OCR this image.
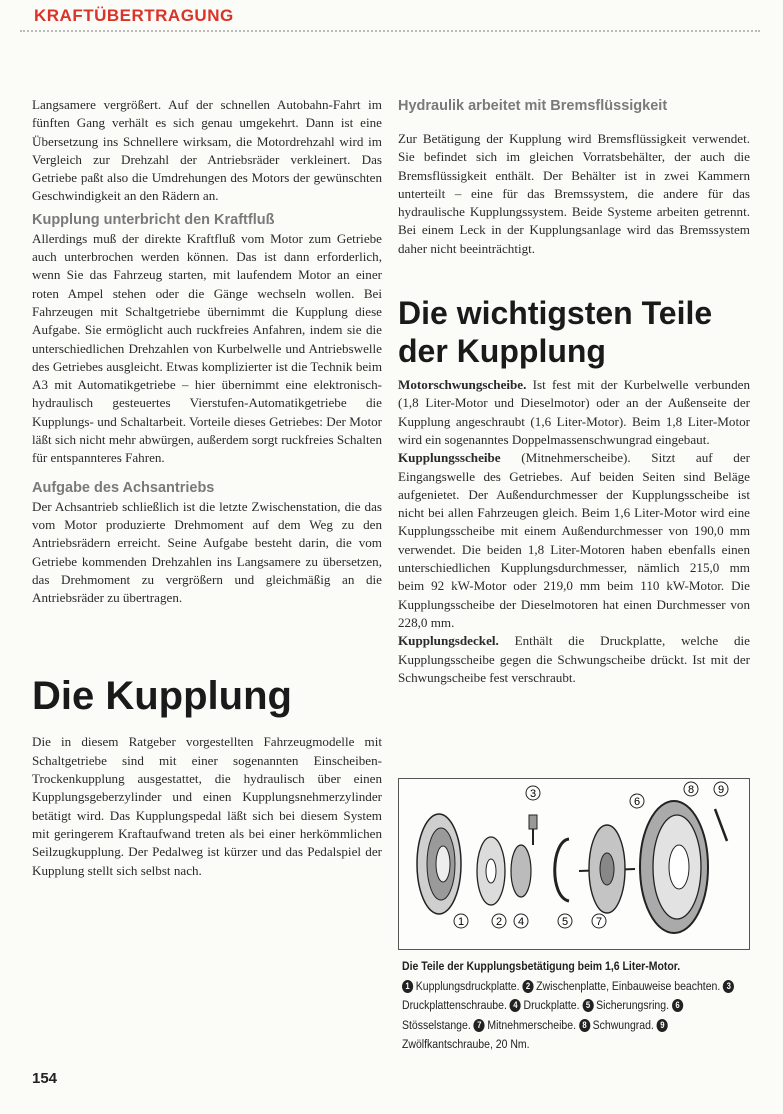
KRAFTÜBERTRAGUNG

Langsamere vergrößert. Auf der schnellen Autobahn-Fahrt im fünften Gang verhält es sich genau umgekehrt. Dann ist eine Übersetzung ins Schnellere wirksam, die Motordrehzahl wird im Vergleich zur Drehzahl der Antriebsräder verkleinert. Das Getriebe paßt also die Umdrehungen des Motors der gewünschten Geschwindigkeit an den Rädern an.

Kupplung unterbricht den Kraftfluß

Allerdings muß der direkte Kraftfluß vom Motor zum Getriebe auch unterbrochen werden können. Das ist dann erforderlich, wenn Sie das Fahrzeug starten, mit laufendem Motor an einer roten Ampel stehen oder die Gänge wechseln wollen. Bei Fahrzeugen mit Schaltgetriebe übernimmt die Kupplung diese Aufgabe. Sie ermöglicht auch ruckfreies Anfahren, indem sie die unterschiedlichen Drehzahlen von Kurbelwelle und Antriebswelle des Getriebes ausgleicht. Etwas komplizierter ist die Technik beim A3 mit Automatikgetriebe – hier übernimmt eine elektronisch-hydraulisch gesteuertes Vierstufen-Automatikgetriebe die Kupplungs- und Schaltarbeit. Vorteile dieses Getriebes: Der Motor läßt sich nicht mehr abwürgen, außerdem sorgt ruckfreies Schalten für entspannteres Fahren.

Aufgabe des Achsantriebs

Der Achsantrieb schließlich ist die letzte Zwischenstation, die das vom Motor produzierte Drehmoment auf dem Weg zu den Antriebsrädern erreicht. Seine Aufgabe besteht darin, die vom Getriebe kommenden Drehzahlen ins Langsamere zu übersetzen, das Drehmoment zu vergrößern und gleichmäßig an die Antriebsräder zu übertragen.

Die Kupplung

Die in diesem Ratgeber vorgestellten Fahrzeugmodelle mit Schaltgetriebe sind mit einer sogenannten Einscheiben-Trockenkupplung ausgestattet, die hydraulisch über einen Kupplungsgeberzylinder und einen Kupplungsnehmerzylinder betätigt wird. Das Kupplungspedal läßt sich bei diesem System mit geringerem Kraftaufwand treten als bei einer herkömmlichen Seilzugkupplung. Der Pedalweg ist kürzer und das Pedalspiel der Kupplung stellt sich selbst nach.

Hydraulik arbeitet mit Bremsflüssigkeit

Zur Betätigung der Kupplung wird Bremsflüssigkeit verwendet. Sie befindet sich im gleichen Vorratsbehälter, der auch die Bremsflüssigkeit enthält. Der Behälter ist in zwei Kammern unterteilt – eine für das Bremssystem, die andere für das hydraulische Kupplungssystem. Beide Systeme arbeiten getrennt. Bei einem Leck in der Kupplungsanlage wird das Bremssystem daher nicht beeinträchtigt.

Die wichtigsten Teile der Kupplung

Motorschwungscheibe. Ist fest mit der Kurbelwelle verbunden (1,8 Liter-Motor und Dieselmotor) oder an der Außenseite der Kupplung angeschraubt (1,6 Liter-Motor). Beim 1,8 Liter-Motor wird ein sogenanntes Doppelmassenschwungrad eingebaut.

Kupplungsscheibe (Mitnehmerscheibe). Sitzt auf der Eingangswelle des Getriebes. Auf beiden Seiten sind Beläge aufgenietet. Der Außendurchmesser der Kupplungsscheibe ist nicht bei allen Fahrzeugen gleich. Beim 1,6 Liter-Motor wird eine Kupplungsscheibe mit einem Außendurchmesser von 190,0 mm verwendet. Die beiden 1,8 Liter-Motoren haben ebenfalls einen unterschiedlichen Kupplungsdurchmesser, nämlich 215,0 mm beim 92 kW-Motor oder 219,0 mm beim 110 kW-Motor. Die Kupplungsscheibe der Dieselmotoren hat einen Durchmesser von 228,0 mm.

Kupplungsdeckel. Enthält die Druckplatte, welche die Kupplungsscheibe gegen die Schwungscheibe drückt. Ist mit der Schwungscheibe fest verschraubt.

1	2
3
4	5
6
7
8 9
Die Teile der Kupplungsbetätigung beim 1,6 Liter-Motor.
1 Kupplungsdruckplatte. 2 Zwischenplatte, Einbauweise beachten. 3Druckplattenschraube. 4 Druckplatte. 5 Sicherungsring. 6Stösselstange. 7 Mitnehmerscheibe. 8 Schwungrad. 9Zwölfkantschraube, 20 Nm.
154
